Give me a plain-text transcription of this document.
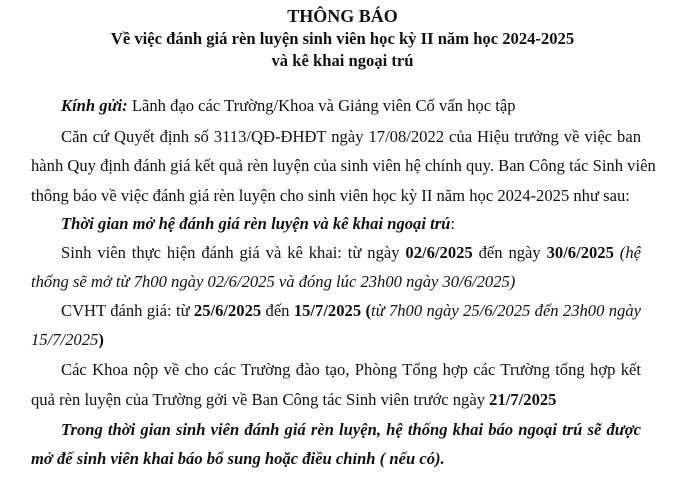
THÔNG BÁO
Về việc đánh giá rèn luyện sinh viên học kỳ II năm học 2024-2025
và kê khai ngoại trú
Kính gửi: Lãnh đạo các Trường/Khoa và Giảng viên Cố vấn học tập
Căn cứ Quyết định số 3113/QĐ-ĐHĐT ngày 17/08/2022 của Hiệu trưởng về việc ban
hành Quy định đánh giá kết quả rèn luyện của sinh viên hệ chính quy. Ban Công tác Sinh viên
thông báo về việc đánh giá rèn luyện cho sinh viên học kỳ II năm học 2024-2025 như sau:
Thời gian mở hệ đánh giá rèn luyện và kê khai ngoại trú:
Sinh viên thực hiện đánh giá và kê khai: từ ngày 02/6/2025 đến ngày 30/6/2025 (hệ
thống sẽ mở từ 7h00 ngày 02/6/2025 và đóng lúc 23h00 ngày 30/6/2025)
CVHT đánh giá: từ 25/6/2025 đến 15/7/2025 (từ 7h00 ngày 25/6/2025 đến 23h00 ngày
15/7/2025)
Các Khoa nộp về cho các Trường đào tạo, Phòng Tổng hợp các Trường tổng hợp kết
quả rèn luyện của Trường gởi về Ban Công tác Sinh viên trước ngày 21/7/2025
Trong thời gian sinh viên đánh giá rèn luyện, hệ thống khai báo ngoại trú sẽ được
mở để sinh viên khai báo bổ sung hoặc điều chỉnh ( nếu có).
